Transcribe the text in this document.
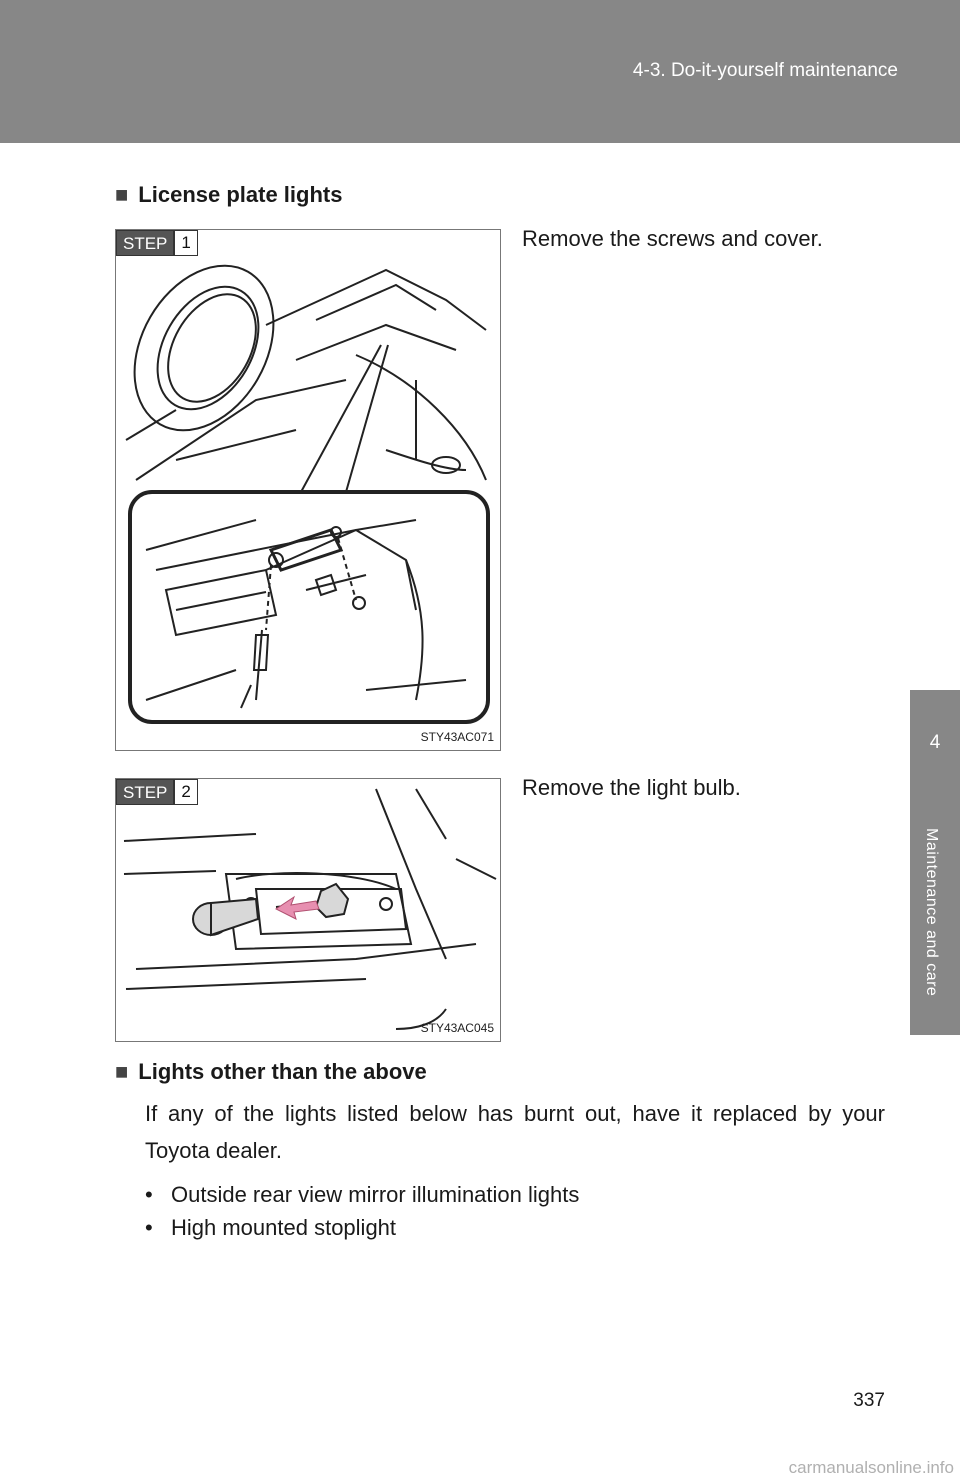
4-3. Do-it-yourself maintenance
4
Maintenance and care
■ License plate lights
STEP 1
STY43AC071
Remove the screws and cover.
STEP 2
STY43AC045
Remove the light bulb.
■ Lights other than the above
If any of the lights listed below has burnt out, have it replaced by your Toyota dealer.
• Outside rear view mirror illumination lights
• High mounted stoplight
337
carmanualsonline.info
